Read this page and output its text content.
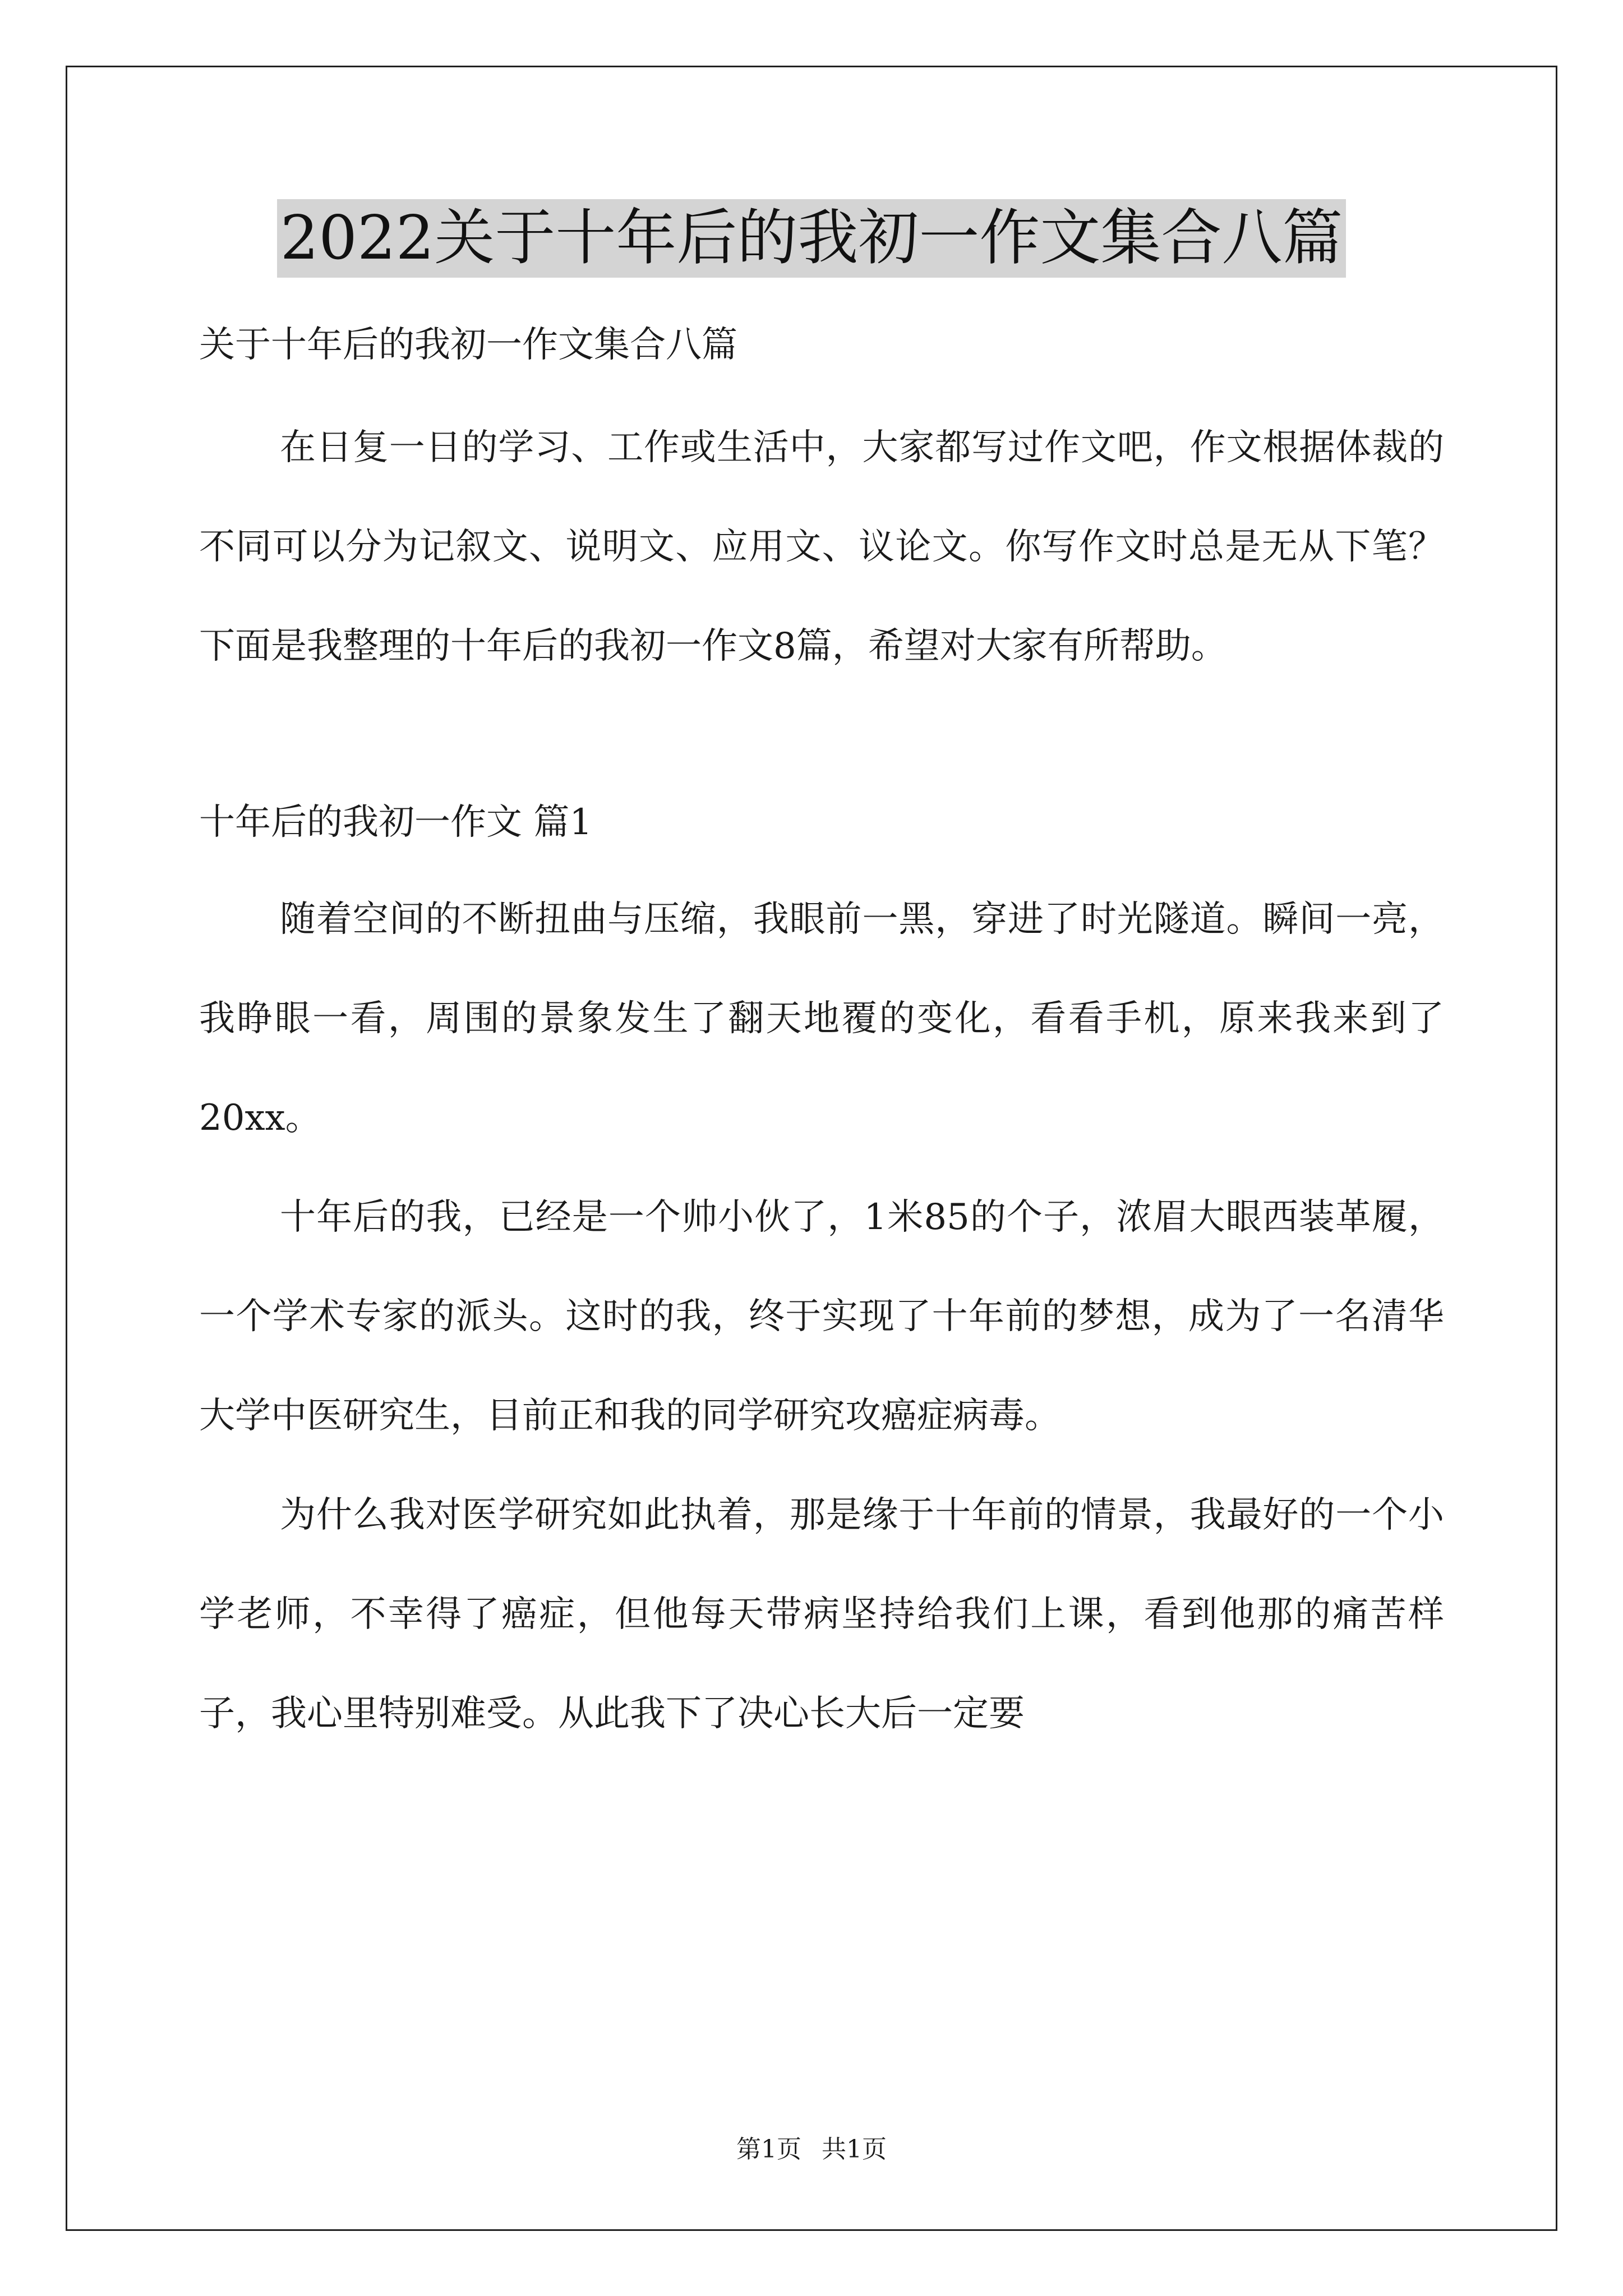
2022关于十年后的我初一作文集合八篇

关于十年后的我初一作文集合八篇

在日复一日的学习、工作或生活中，大家都写过作文吧，作文根据体裁的不同可以分为记叙文、说明文、应用文、议论文。你写作文时总是无从下笔？下面是我整理的十年后的我初一作文8篇，希望对大家有所帮助。

十年后的我初一作文 篇1

随着空间的不断扭曲与压缩，我眼前一黑，穿进了时光隧道。瞬间一亮，我睁眼一看，周围的景象发生了翻天地覆的变化，看看手机，原来我来到了20xx。

十年后的我，已经是一个帅小伙了，1米85的个子，浓眉大眼西装革履，一个学术专家的派头。这时的我，终于实现了十年前的梦想，成为了一名清华大学中医研究生，目前正和我的同学研究攻癌症病毒。

为什么我对医学研究如此执着，那是缘于十年前的情景，我最好的一个小学老师，不幸得了癌症，但他每天带病坚持给我们上课，看到他那的痛苦样子，我心里特别难受。从此我下了决心长大后一定要

第1页 共1页
